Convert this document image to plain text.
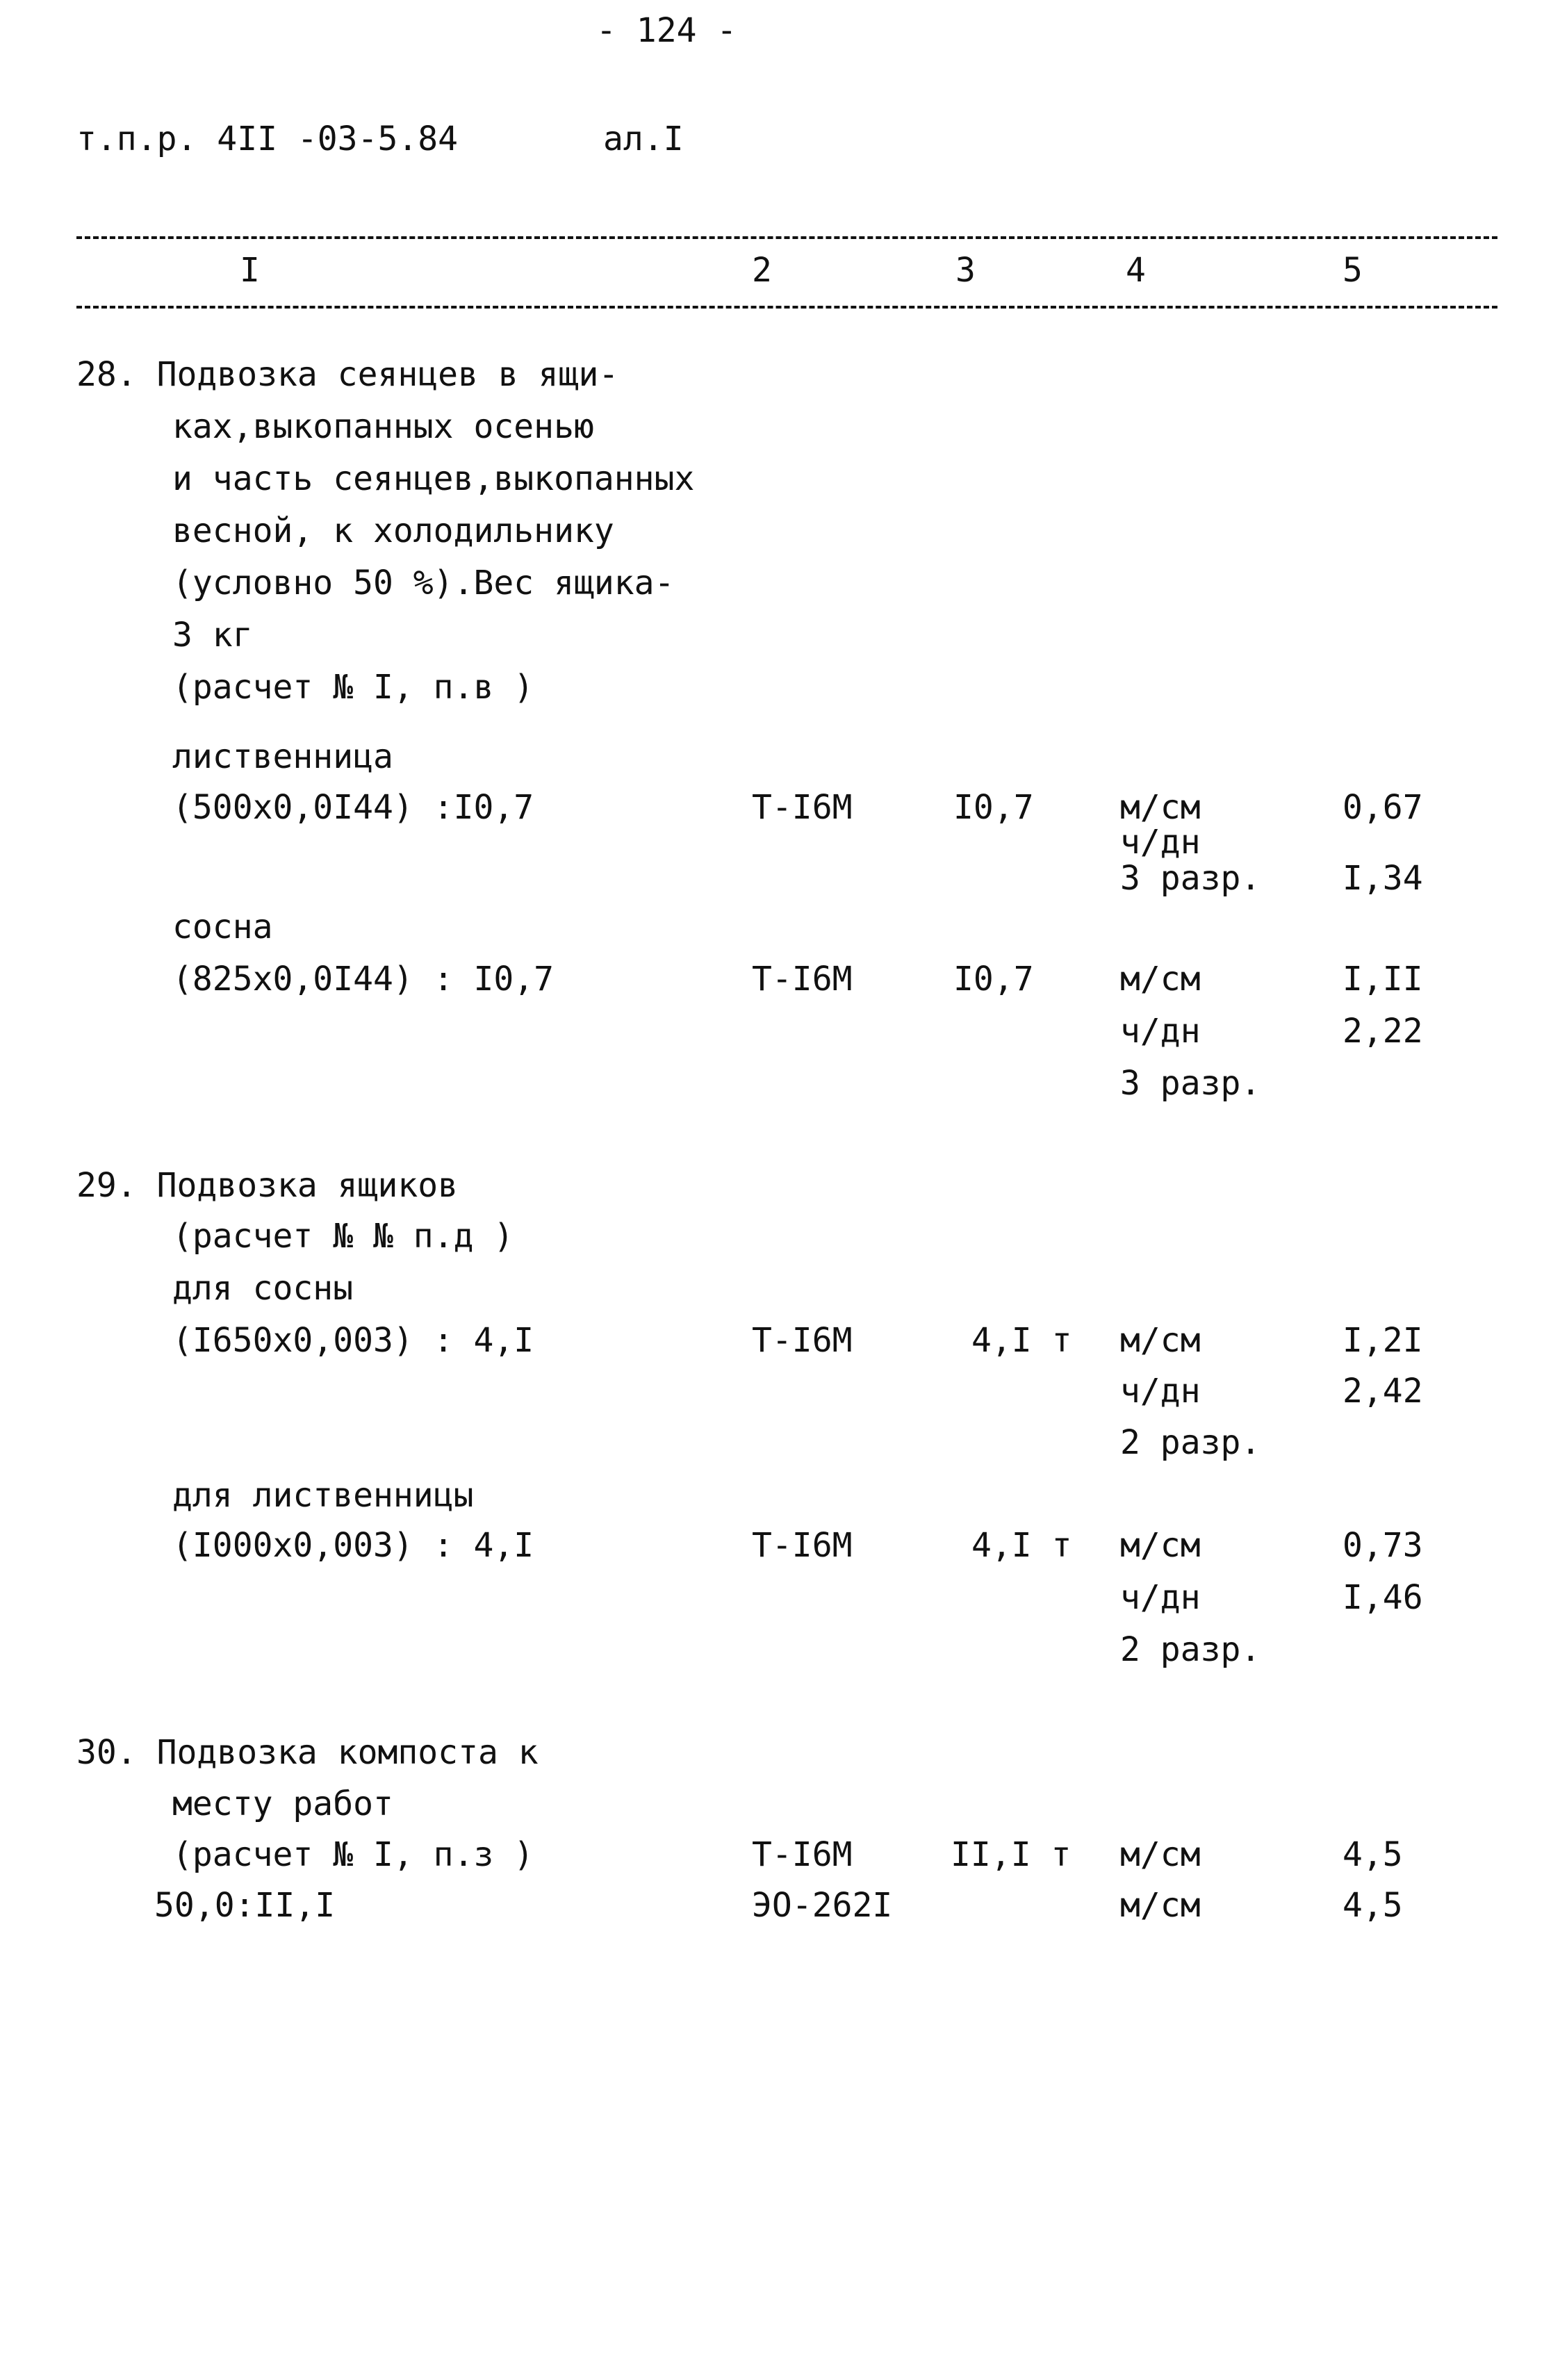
- 124 -
т.п.р. 4II -03-5.84	ал.I
I	2	3	4	5
28. Подвозка сеянцев в ящи-
ках,выкопанных осенью
и часть сеянцев,выкопанных
весной, к холодильнику
(условно 50 %).Вес ящика-
3 кг
(расчет № I, п.в )
лиственница
(500x0,0I44) :I0,7	Т-I6М	I0,7	м/см	0,67
ч/дн
3 разр. I,34
сосна
(825x0,0I44) : I0,7	Т-I6М	I0,7	м/см	I,II
ч/дн	2,22
3 разр.
29. Подвозка ящиков
(расчет № № п.д )
для сосны
(I650x0,003) : 4,I	Т-I6М	4,I т м/см	I,2I
ч/дн	2,42
2 разр.
для лиственницы
(I000x0,003) : 4,I	Т-I6М	4,I т м/см	0,73
ч/дн	I,46
2 разр.
30. Подвозка компоста к
месту работ
(расчет № I, п.з )	Т-I6М	II,I т м/см	4,5
50,0:II,I	ЭО-262I	м/см	4,5
